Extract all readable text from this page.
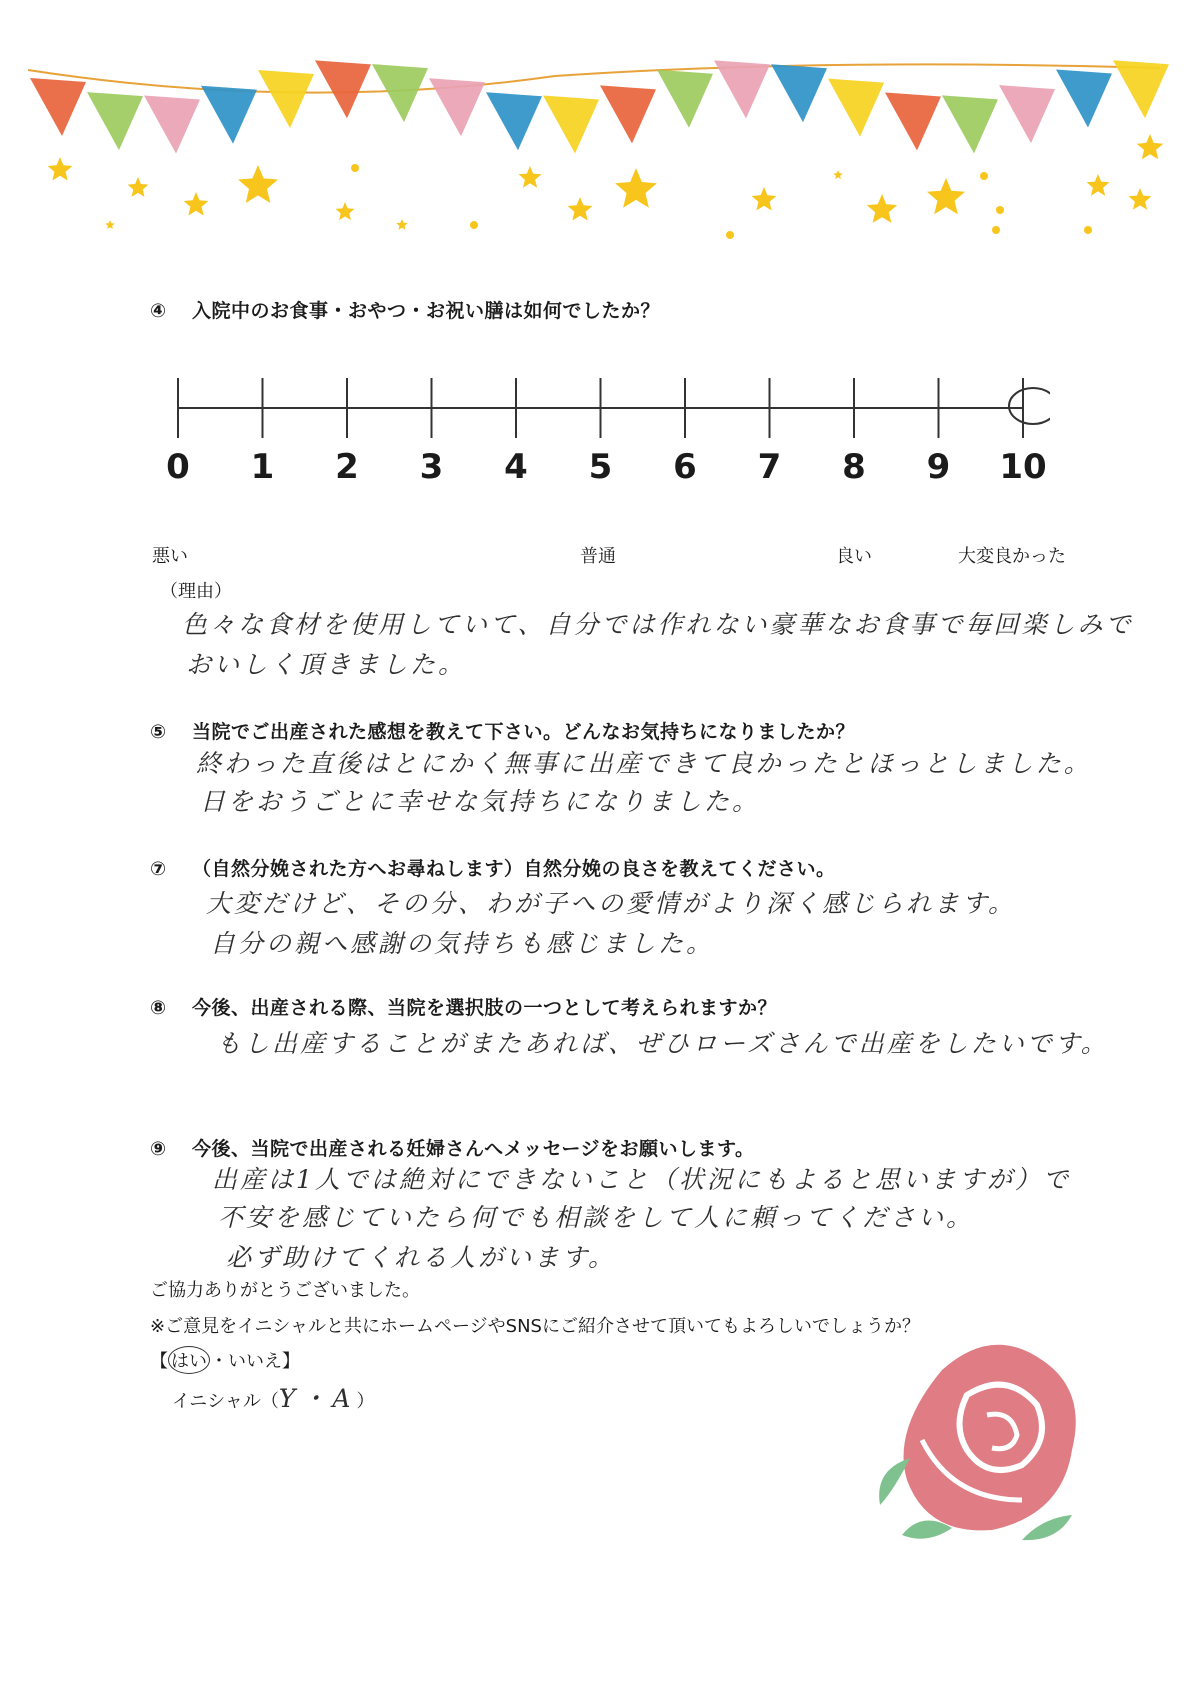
④ 入院中のお食事・おやつ・お祝い膳は如何でしたか？

0 1 2 3 4 5 6 7 8 9 10
悪い	普通	良い	大変良かった
（理由）

色々な食材を使用していて、自分では作れない豪華なお食事で毎回楽しみで

おいしく頂きました。

⑤ 当院でご出産された感想を教えて下さい。どんなお気持ちになりましたか？

終わった直後はとにかく無事に出産できて良かったとほっとしました。

日をおうごとに幸せな気持ちになりました。

⑦ （自然分娩された方へお尋ねします）自然分娩の良さを教えてください。

大変だけど、その分、わが子への愛情がより深く感じられます。

自分の親へ感謝の気持ちも感じました。

⑧ 今後、出産される際、当院を選択肢の一つとして考えられますか？

もし出産することがまたあれば、ぜひローズさんで出産をしたいです。

⑨ 今後、当院で出産される妊婦さんへメッセージをお願いします。

出産は1人では絶対にできないこと（状況にもよると思いますが）で

不安を感じていたら何でも相談をして人に頼ってください。

必ず助けてくれる人がいます。

ご協力ありがとうございました。
※ご意見をイニシャルと共にホームページやSNSにご紹介させて頂いてもよろしいでしょうか？
【 はい ・いいえ】
イニシャル（Y・A）
